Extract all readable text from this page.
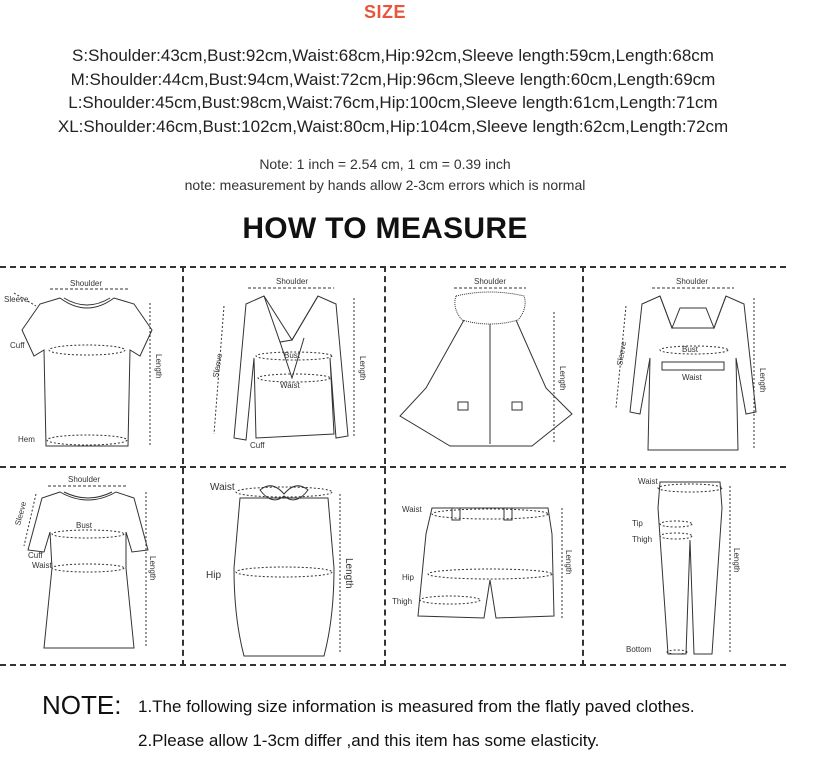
SIZE
S:Shoulder:43cm,Bust:92cm,Waist:68cm,Hip:92cm,Sleeve length:59cm,Length:68cm
M:Shoulder:44cm,Bust:94cm,Waist:72cm,Hip:96cm,Sleeve length:60cm,Length:69cm
L:Shoulder:45cm,Bust:98cm,Waist:76cm,Hip:100cm,Sleeve length:61cm,Length:71cm
XL:Shoulder:46cm,Bust:102cm,Waist:80cm,Hip:104cm,Sleeve length:62cm,Length:72cm
Note: 1 inch = 2.54 cm, 1 cm = 0.39 inch
note: measurement by hands allow 2-3cm errors which is normal
HOW TO MEASURE
Shoulder
Sleeve
Cuff
Hem
Length
Shoulder
Bust
Waist
Cuff
Sleeve	Length
Shoulder
Length
Shoulder
Bust
Waist
Sleeve
Length
Shoulder
Bust
Cuff
Waist
Sleeve
Length
Waist
Hip	Length
Waist
Hip
Thigh
Length
Waist
Tip
Thigh
Bottom
Length
NOTE: 1.The following size information is measured from the flatly paved clothes.
2.Please allow 1-3cm differ ,and this item has some elasticity.
